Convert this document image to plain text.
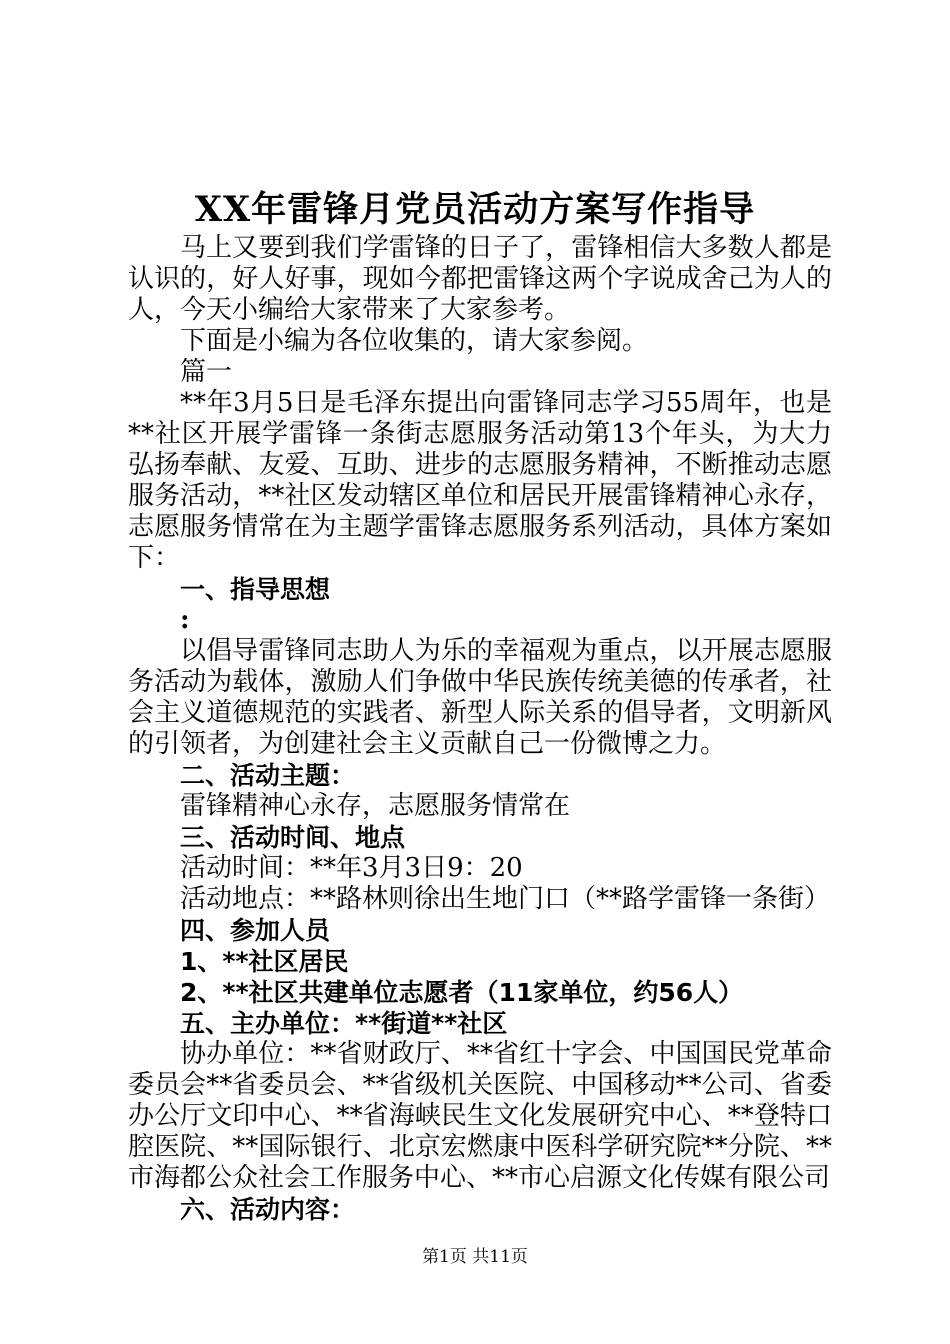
XX年雷锋月党员活动方案写作指导

马上又要到我们学雷锋的日子了，雷锋相信大多数人都是认识的，好人好事，现如今都把雷锋这两个字说成舍己为人的人，今天小编给大家带来了大家参考。

下面是小编为各位收集的，请大家参阅。

篇一

**年3月5日是毛泽东提出向雷锋同志学习55周年，也是**社区开展学雷锋一条街志愿服务活动第13个年头，为大力弘扬奉献、友爱、互助、进步的志愿服务精神，不断推动志愿服务活动，**社区发动辖区单位和居民开展雷锋精神心永存，志愿服务情常在为主题学雷锋志愿服务系列活动，具体方案如下：

一、指导思想

:

以倡导雷锋同志助人为乐的幸福观为重点，以开展志愿服务活动为载体，激励人们争做中华民族传统美德的传承者，社会主义道德规范的实践者、新型人际关系的倡导者，文明新风的引领者，为创建社会主义贡献自己一份微博之力。

二、活动主题：

雷锋精神心永存，志愿服务情常在

三、活动时间、地点

活动时间：**年3月3日9：20

活动地点：**路林则徐出生地门口（**路学雷锋一条街）

四、参加人员

1、**社区居民

2、**社区共建单位志愿者（11家单位，约56人）

五、主办单位：**街道**社区

协办单位：**省财政厅、**省红十字会、中国国民党革命委员会**省委员会、**省级机关医院、中国移动**公司、省委办公厅文印中心、**省海峡民生文化发展研究中心、**登特口腔医院、**国际银行、北京宏燃康中医科学研究院**分院、**市海都公众社会工作服务中心、**市心启源文化传媒有限公司

六、活动内容：

第1页 共11页
